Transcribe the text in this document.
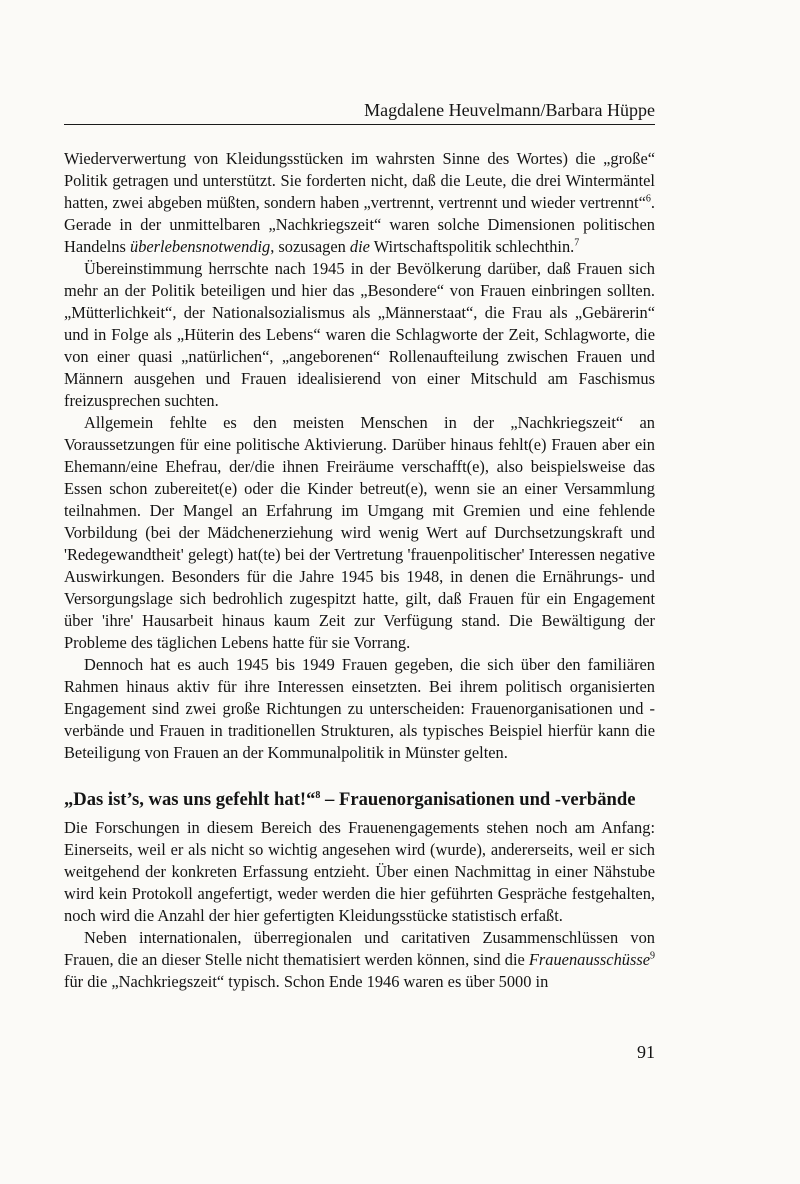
Magdalene Heuvelmann/Barbara Hüppe

Wiederverwertung von Kleidungsstücken im wahrsten Sinne des Wortes) die „große“ Politik getragen und unterstützt. Sie forderten nicht, daß die Leute, die drei Wintermäntel hatten, zwei abgeben müßten, sondern haben „vertrennt, vertrennt und wieder vertrennt“$^6$. Gerade in der unmittelbaren „Nachkriegszeit“ waren solche Dimensionen politischen Handelns überlebensnotwendig, sozusagen die Wirtschaftspolitik schlechthin.$^7$

Übereinstimmung herrschte nach 1945 in der Bevölkerung darüber, daß Frauen sich mehr an der Politik beteiligen und hier das „Besondere“ von Frauen einbringen sollten. „Mütterlichkeit“, der Nationalsozialismus als „Männerstaat“, die Frau als „Gebärerin“ und in Folge als „Hüterin des Lebens“ waren die Schlagworte der Zeit, Schlagworte, die von einer quasi „natürlichen“, „angeborenen“ Rollenaufteilung zwischen Frauen und Männern ausgehen und Frauen idealisierend von einer Mitschuld am Faschismus freizusprechen suchten.

Allgemein fehlte es den meisten Menschen in der „Nachkriegszeit“ an Voraussetzungen für eine politische Aktivierung. Darüber hinaus fehlt(e) Frauen aber ein Ehemann/eine Ehefrau, der/die ihnen Freiräume verschafft(e), also beispielsweise das Essen schon zubereitet(e) oder die Kinder betreut(e), wenn sie an einer Versammlung teilnahmen. Der Mangel an Erfahrung im Umgang mit Gremien und eine fehlende Vorbildung (bei der Mädchenerziehung wird wenig Wert auf Durchsetzungskraft und 'Redegewandtheit' gelegt) hat(te) bei der Vertretung 'frauenpolitischer' Interessen negative Auswirkungen. Besonders für die Jahre 1945 bis 1948, in denen die Ernährungs- und Versorgungslage sich bedrohlich zugespitzt hatte, gilt, daß Frauen für ein Engagement über 'ihre' Hausarbeit hinaus kaum Zeit zur Verfügung stand. Die Bewältigung der Probleme des täglichen Lebens hatte für sie Vorrang.

Dennoch hat es auch 1945 bis 1949 Frauen gegeben, die sich über den familiären Rahmen hinaus aktiv für ihre Interessen einsetzten. Bei ihrem politisch organisierten Engagement sind zwei große Richtungen zu unterscheiden: Frauenorganisationen und -verbände und Frauen in traditionellen Strukturen, als typisches Beispiel hierfür kann die Beteiligung von Frauen an der Kommunalpolitik in Münster gelten.

„Das ist’s, was uns gefehlt hat!“$^8$ – Frauenorganisationen und -verbände

Die Forschungen in diesem Bereich des Frauenengagements stehen noch am Anfang: Einerseits, weil er als nicht so wichtig angesehen wird (wurde), andererseits, weil er sich weitgehend der konkreten Erfassung entzieht. Über einen Nachmittag in einer Nähstube wird kein Protokoll angefertigt, weder werden die hier geführten Gespräche festgehalten, noch wird die Anzahl der hier gefertigten Kleidungsstücke statistisch erfaßt.

Neben internationalen, überregionalen und caritativen Zusammenschlüssen von Frauen, die an dieser Stelle nicht thematisiert werden können, sind die Frauenausschüsse$^9$ für die „Nachkriegszeit“ typisch. Schon Ende 1946 waren es über 5000 in

91
